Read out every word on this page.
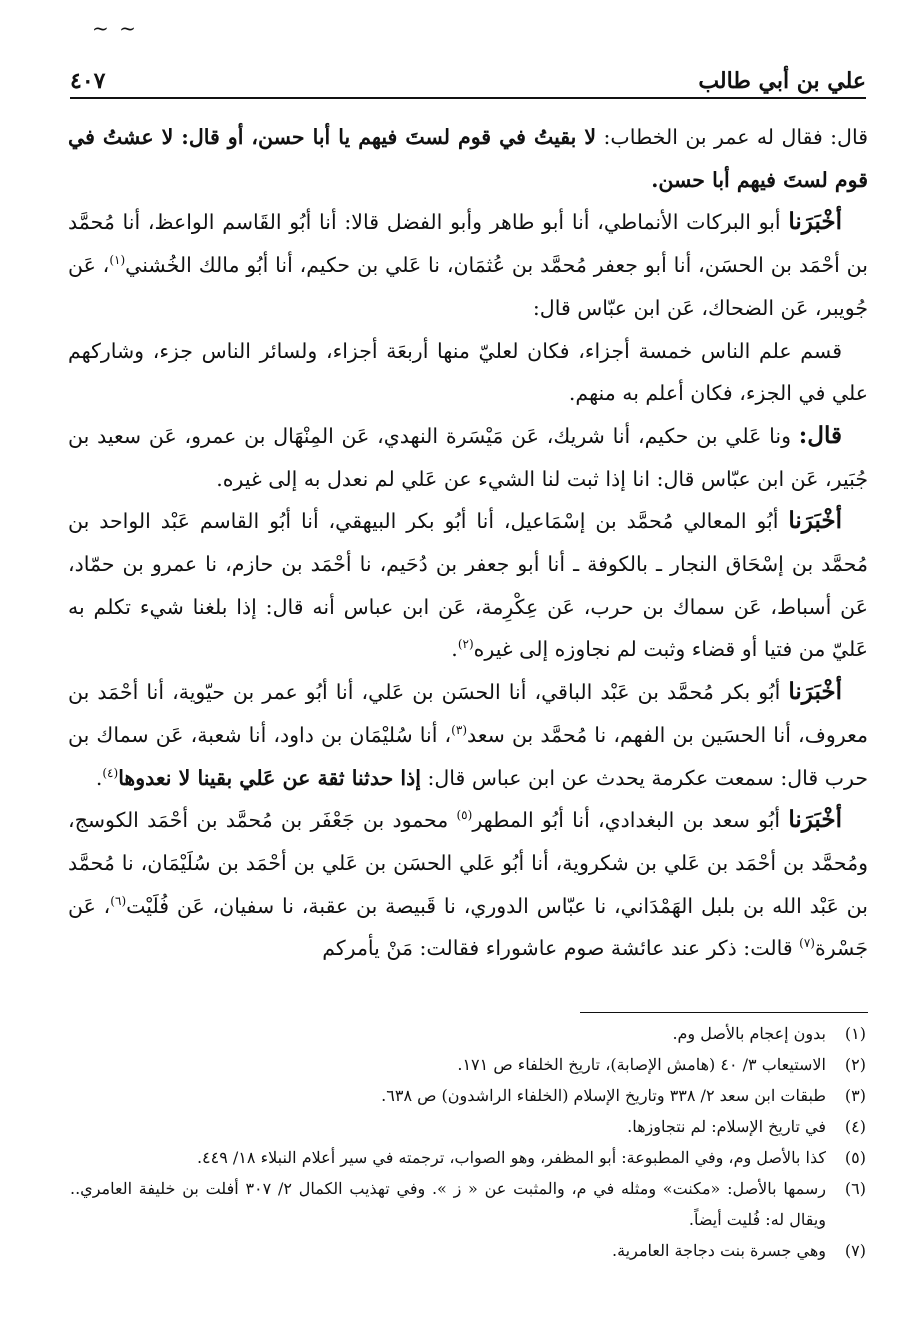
~ ~
علي بن أبي طالب
٤٠٧

قال: فقال له عمر بن الخطاب: لا بقيتُ في قوم لستَ فيهم يا أبا حسن، أو قال: لا عشتُ في قوم لستَ فيهم أبا حسن.

أخْبَرَنا أبو البركات الأنماطي، أنا أبو طاهر وأبو الفضل قالا: أنا أبُو القَاسم الواعظ، أنا مُحمَّد بن أحْمَد بن الحسَن، أنا أبو جعفر مُحمَّد بن عُثمَان، نا عَلي بن حكيم، أنا أبُو مالك الخُشني$^{(١)}$، عَن جُويبر، عَن الضحاك، عَن ابن عبّاس قال:

قسم علم الناس خمسة أجزاء، فكان لعليّ منها أربعَة أجزاء، ولسائر الناس جزء، وشاركهم علي في الجزء، فكان أعلم به منهم.

قال: ونا عَلي بن حكيم، أنا شريك، عَن مَيْسَرة النهدي، عَن المِنْهَال بن عمرو، عَن سعيد بن جُبَير، عَن ابن عبّاس قال: انا إذا ثبت لنا الشيء عن عَلي لم نعدل به إلى غيره.

أخْبَرَنا أبُو المعالي مُحمَّد بن إسْمَاعيل، أنا أبُو بكر البيهقي، أنا أبُو القاسم عَبْد الواحد بن مُحمَّد بن إسْحَاق النجار ـ بالكوفة ـ أنا أبو جعفر بن دُحَيم، نا أحْمَد بن حازم، نا عمرو بن حمّاد، عَن أسباط، عَن سماك بن حرب، عَن عِكْرِمة، عَن ابن عباس أنه قال: إذا بلغنا شيء تكلم به عَليّ من فتيا أو قضاء وثبت لم نجاوزه إلى غيره$^{(٢)}$.

أخْبَرَنا أبُو بكر مُحمَّد بن عَبْد الباقي، أنا الحسَن بن عَلي، أنا أبُو عمر بن حيّوية، أنا أحْمَد بن معروف، أنا الحسَين بن الفهم، نا مُحمَّد بن سعد$^{(٣)}$، أنا سُليْمَان بن داود، أنا شعبة، عَن سماك بن حرب قال: سمعت عكرمة يحدث عن ابن عباس قال: إذا حدثنا ثقة عن عَلي بقينا لا نعدوها$^{(٤)}$.

أخْبَرَنا أبُو سعد بن البغدادي، أنا أبُو المطهر$^{(٥)}$ محمود بن جَعْفَر بن مُحمَّد بن أحْمَد الكوسج، ومُحمَّد بن أحْمَد بن عَلي بن شكروية، أنا أبُو عَلي الحسَن بن عَلي بن أحْمَد بن سُلَيْمَان، نا مُحمَّد بن عَبْد الله بن بلبل الهَمْدَاني، نا عبّاس الدوري، نا قَبيصة بن عقبة، نا سفيان، عَن فُلَيْت$^{(٦)}$، عَن جَسْرة$^{(٧)}$ قالت: ذكر عند عائشة صوم عاشوراء فقالت: مَنْ يأمركم

(١)
بدون إعجام بالأصل وم.
(٢)
الاستيعاب ٣/ ٤٠ (هامش الإصابة)، تاريخ الخلفاء ص ١٧١.
(٣)
طبقات ابن سعد ٢/ ٣٣٨ وتاريخ الإسلام (الخلفاء الراشدون) ص ٦٣٨.
(٤)
في تاريخ الإسلام: لم نتجاوزها.
(٥)
كذا بالأصل وم، وفي المطبوعة: أبو المظفر، وهو الصواب، ترجمته في سير أعلام النبلاء ١٨/ ٤٤٩.
(٦)
رسمها بالأصل: «مكنت» ومثله في م، والمثبت عن « ز ». وفي تهذيب الكمال ٢/ ٣٠٧ أفلت بن خليفة العامري.. ويقال له: فُليت أيضاً.
(٧)
وهي جسرة بنت دجاجة العامرية.
